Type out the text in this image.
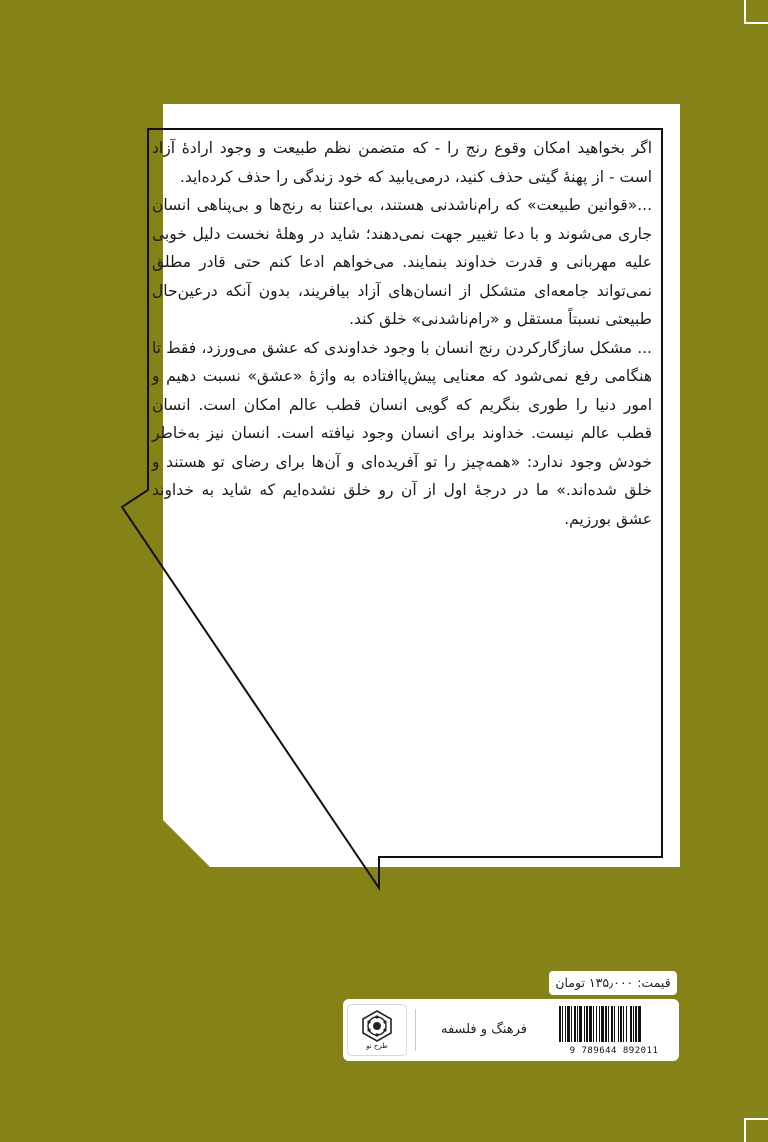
اگر بخواهید امکان وقوع رنج را - که متضمن نظم طبیعت و وجود ارادهٔ آزاد است - از پهنهٔ گیتی حذف کنید، درمی‌یابید که خود زندگی را حذف کرده‌اید.

...«قوانین طبیعت» که رام‌ناشدنی هستند، بی‌اعتنا به رنج‌ها و بی‌پناهی انسان جاری می‌شوند و با دعا تغییر جهت نمی‌دهند؛ شاید در وهلهٔ نخست دلیل خوبی علیه مهربانی و قدرت خداوند بنمایند. می‌خواهم ادعا کنم حتی قادر مطلق نمی‌تواند جامعه‌ای متشکل از انسان‌های آزاد بیافریند، بدون آنکه درعین‌حال طبیعتی نسبتاً مستقل و «رام‌ناشدنی» خلق کند.

... مشکل سازگارکردن رنج انسان با وجود خداوندی که عشق می‌ورزد، فقط تا هنگامی رفع نمی‌شود که معنایی پیش‌پاافتاده به واژهٔ «عشق» نسبت دهیم و امور دنیا را طوری بنگریم که گویی انسان قطب عالم امکان است. انسان قطب عالم نیست. خداوند برای انسان وجود نیافته است. انسان نیز به‌خاطر خودش وجود ندارد: «همه‌چیز را تو آفریده‌ای و آن‌ها برای رضای تو هستند و خلق شده‌اند.» ما در درجهٔ اول از آن رو خلق نشده‌ایم که شاید به خداوند عشق بورزیم.

قیمت: ۱۳۵٫۰۰۰ تومان
طرح نو
فرهنگ و فلسفه
9 789644 892011
